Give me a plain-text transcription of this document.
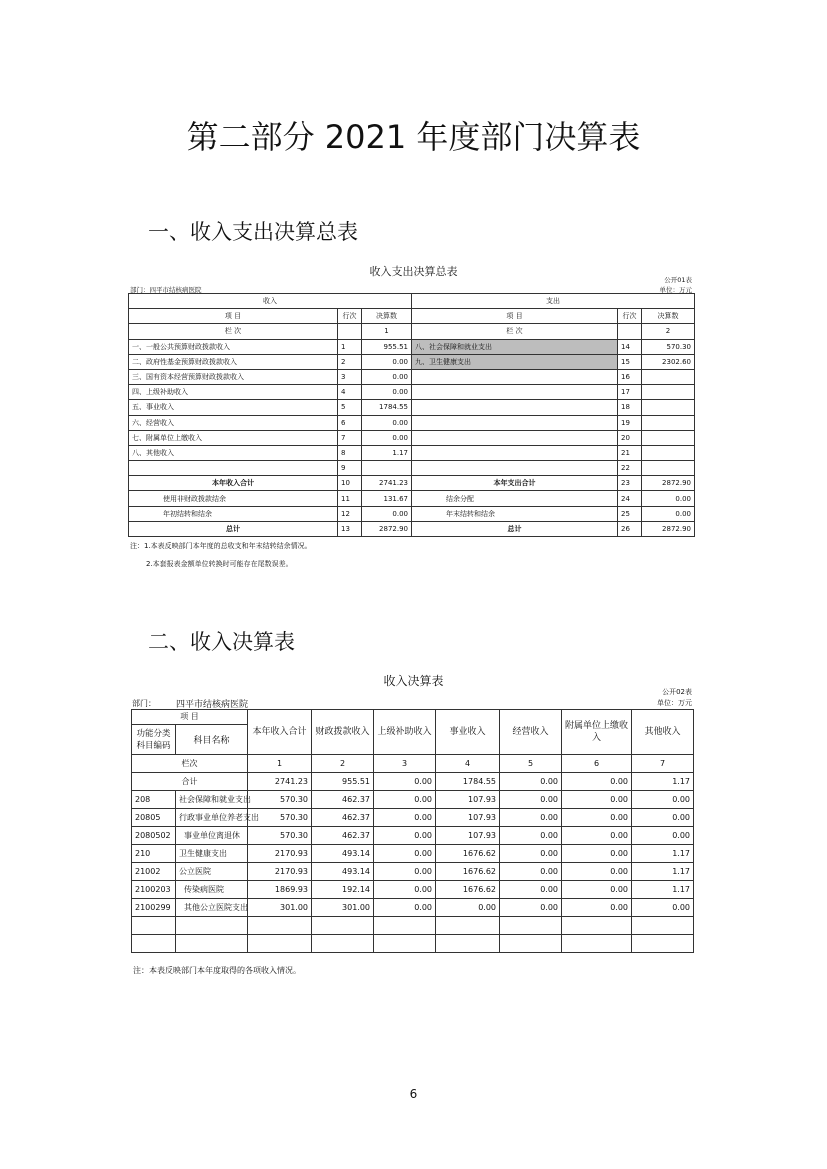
第二部分 2021 年度部门决算表
一、收入支出决算总表
收入支出决算总表
公开01表
部门：四平市结核病医院	单位：万元
收入			支出		
项 目	行次	决算数	项 目	行次	决算数
栏 次		1	栏 次		2
一、一般公共预算财政拨款收入	1	955.51	八、社会保障和就业支出	14	570.30
二、政府性基金预算财政拨款收入	2	0.00	九、卫生健康支出	15	2302.60
三、国有资本经营预算财政拨款收入	3	0.00		16	
四、上级补助收入	4	0.00		17	
五、事业收入	5	1784.55		18	
六、经营收入	6	0.00		19	
七、附属单位上缴收入	7	0.00		20	
八、其他收入	8	1.17		21	
	9			22	
本年收入合计	10	2741.23	本年支出合计	23	2872.90
使用非财政拨款结余	11	131.67	结余分配	24	0.00
年初结转和结余	12	0.00	年末结转和结余	25	0.00
总计	13	2872.90	总计	26	2872.90
注：1.本表反映部门本年度的总收支和年末结转结余情况。
2.本套报表金额单位转换时可能存在尾数误差。
二、收入决算表
收入决算表
公开02表
部门： 四平市结核病医院	单位：万元
项 目		本年收入合计	财政拨款收入	上级补助收入	事业收入	经营收入	附属单位上缴收入	其他收入
功能分类科目编码	科目名称							
栏次		1	2	3	4	5	6	7
合计		2741.23	955.51	0.00	1784.55	0.00	0.00	1.17
208	社会保障和就业支出	570.30	462.37	0.00	107.93	0.00	0.00	0.00
20805	行政事业单位养老支出	570.30	462.37	0.00	107.93	0.00	0.00	0.00
2080502	事业单位离退休	570.30	462.37	0.00	107.93	0.00	0.00	0.00
210	卫生健康支出	2170.93	493.14	0.00	1676.62	0.00	0.00	1.17
21002	公立医院	2170.93	493.14	0.00	1676.62	0.00	0.00	1.17
2100203	传染病医院	1869.93	192.14	0.00	1676.62	0.00	0.00	1.17
2100299	其他公立医院支出	301.00	301.00	0.00	0.00	0.00	0.00	0.00

注：本表反映部门本年度取得的各项收入情况。
6
